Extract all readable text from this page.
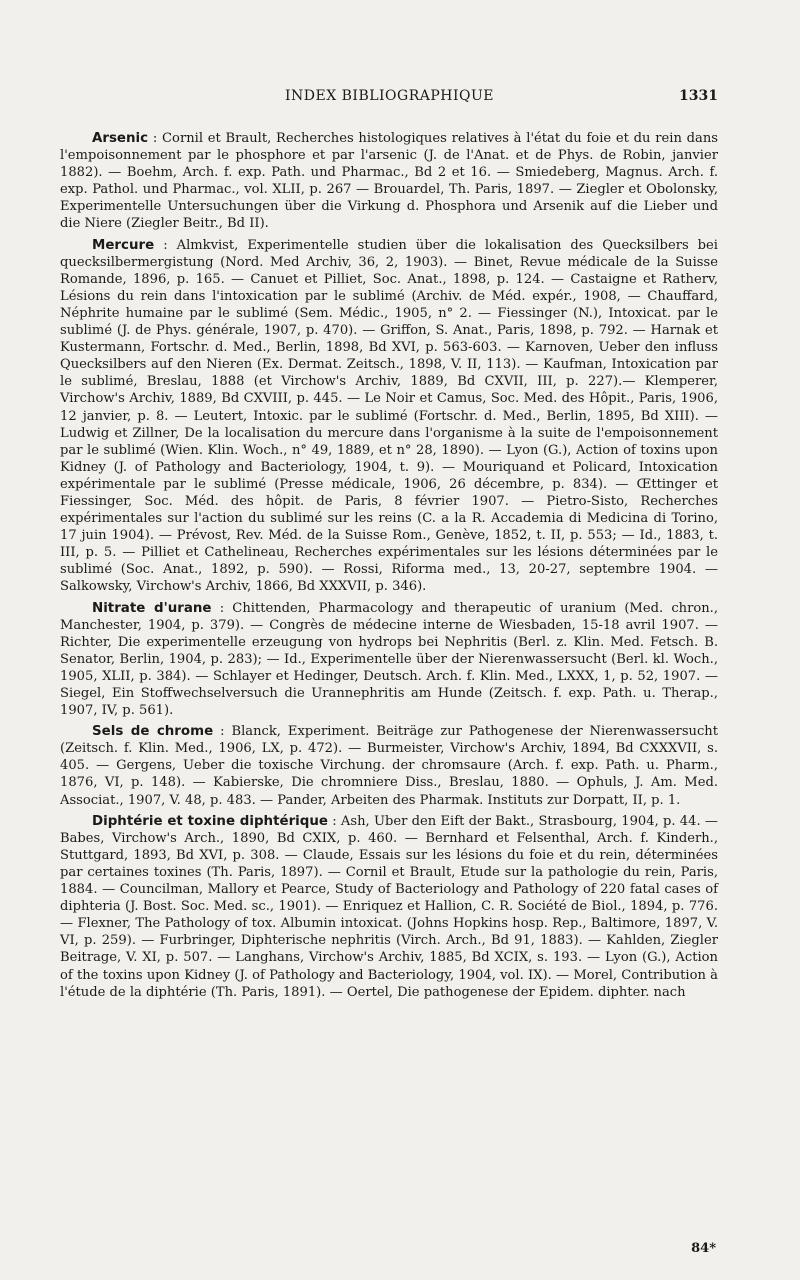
INDEX BIBLIOGRAPHIQUE	1331

Arsenic : Cornil et Brault, Recherches histologiques relatives à l'état du foie et du rein dans l'empoisonnement par le phosphore et par l'arsenic (J. de l'Anat. et de Phys. de Robin, janvier 1882). — Boehm, Arch. f. exp. Path. und Pharmac., Bd 2 et 16. — Smiedeberg, Magnus. Arch. f. exp. Pathol. und Pharmac., vol. XLII, p. 267 — Brouardel, Th. Paris, 1897. — Ziegler et Obolonsky, Experimentelle Untersuchungen über die Virkung d. Phosphora und Arsenik auf die Lieber und die Niere (Ziegler Beitr., Bd II).

Mercure : Almkvist, Experimentelle studien über die lokalisation des Quecksilbers bei quecksilbermergistung (Nord. Med Archiv, 36, 2, 1903). — Binet, Revue médicale de la Suisse Romande, 1896, p. 165. — Canuet et Pilliet, Soc. Anat., 1898, p. 124. — Castaigne et Ratherv, Lésions du rein dans l'intoxication par le sublimé (Archiv. de Méd. expér., 1908, — Chauffard, Néphrite humaine par le sublimé (Sem. Médic., 1905, n° 2. — Fiessinger (N.), Intoxicat. par le sublimé (J. de Phys. générale, 1907, p. 470). — Griffon, S. Anat., Paris, 1898, p. 792. — Harnak et Kustermann, Fortschr. d. Med., Berlin, 1898, Bd XVI, p. 563-603. — Karnoven, Ueber den influss Quecksilbers auf den Nieren (Ex. Dermat. Zeitsch., 1898, V. II, 113). — Kaufman, Intoxication par le sublimé, Breslau, 1888 (et Virchow's Archiv, 1889, Bd CXVII, III, p. 227).— Klemperer, Virchow's Archiv, 1889, Bd CXVIII, p. 445. — Le Noir et Camus, Soc. Med. des Hôpit., Paris, 1906, 12 janvier, p. 8. — Leutert, Intoxic. par le sublimé (Fortschr. d. Med., Berlin, 1895, Bd XIII). — Ludwig et Zillner, De la localisation du mercure dans l'organisme à la suite de l'empoisonnement par le sublimé (Wien. Klin. Woch., n° 49, 1889, et n° 28, 1890). — Lyon (G.), Action of toxins upon Kidney (J. of Pathology and Bacteriology, 1904, t. 9). — Mouriquand et Policard, Intoxication expérimentale par le sublimé (Presse médicale, 1906, 26 décembre, p. 834). — Œttinger et Fiessinger, Soc. Méd. des hôpit. de Paris, 8 février 1907. — Pietro-Sisto, Recherches expérimentales sur l'action du sublimé sur les reins (C. a la R. Accademia di Medicina di Torino, 17 juin 1904). — Prévost, Rev. Méd. de la Suisse Rom., Genève, 1852, t. II, p. 553; — Id., 1883, t. III, p. 5. — Pilliet et Cathelineau, Recherches expérimentales sur les lésions déterminées par le sublimé (Soc. Anat., 1892, p. 590). — Rossi, Riforma med., 13, 20-27, septembre 1904. — Salkowsky, Virchow's Archiv, 1866, Bd XXXVII, p. 346).

Nitrate d'urane : Chittenden, Pharmacology and therapeutic of uranium (Med. chron., Manchester, 1904, p. 379). — Congrès de médecine interne de Wiesbaden, 15-18 avril 1907. — Richter, Die experimentelle erzeugung von hydrops bei Nephritis (Berl. z. Klin. Med. Fetsch. B. Senator, Berlin, 1904, p. 283); — Id., Experimentelle über der Nierenwassersucht (Berl. kl. Woch., 1905, XLII, p. 384). — Schlayer et Hedinger, Deutsch. Arch. f. Klin. Med., LXXX, 1, p. 52, 1907. — Siegel, Ein Stoffwechselversuch die Urannephritis am Hunde (Zeitsch. f. exp. Path. u. Therap., 1907, IV, p. 561).

Sels de chrome : Blanck, Experiment. Beiträge zur Pathogenese der Nierenwassersucht (Zeitsch. f. Klin. Med., 1906, LX, p. 472). — Burmeister, Virchow's Archiv, 1894, Bd CXXXVII, s. 405. — Gergens, Ueber die toxische Virchung. der chromsaure (Arch. f. exp. Path. u. Pharm., 1876, VI, p. 148). — Kabierske, Die chromniere Diss., Breslau, 1880. — Ophuls, J. Am. Med. Associat., 1907, V. 48, p. 483. — Pander, Arbeiten des Pharmak. Instituts zur Dorpatt, II, p. 1.

Diphtérie et toxine diphtérique : Ash, Uber den Eift der Bakt., Strasbourg, 1904, p. 44. — Babes, Virchow's Arch., 1890, Bd CXIX, p. 460. — Bernhard et Felsenthal, Arch. f. Kinderh., Stuttgard, 1893, Bd XVI, p. 308. — Claude, Essais sur les lésions du foie et du rein, déterminées par certaines toxines (Th. Paris, 1897). — Cornil et Brault, Etude sur la pathologie du rein, Paris, 1884. — Councilman, Mallory et Pearce, Study of Bacteriology and Pathology of 220 fatal cases of diphteria (J. Bost. Soc. Med. sc., 1901). — Enriquez et Hallion, C. R. Société de Biol., 1894, p. 776. — Flexner, The Pathology of tox. Albumin intoxicat. (Johns Hopkins hosp. Rep., Baltimore, 1897, V. VI, p. 259). — Furbringer, Diphterische nephritis (Virch. Arch., Bd 91, 1883). — Kahlden, Ziegler Beitrage, V. XI, p. 507. — Langhans, Virchow's Archiv, 1885, Bd XCIX, s. 193. — Lyon (G.), Action of the toxins upon Kidney (J. of Pathology and Bacteriology, 1904, vol. IX). — Morel, Contribution à l'étude de la diphtérie (Th. Paris, 1891). — Oertel, Die pathogenese der Epidem. diphter. nach

84*
